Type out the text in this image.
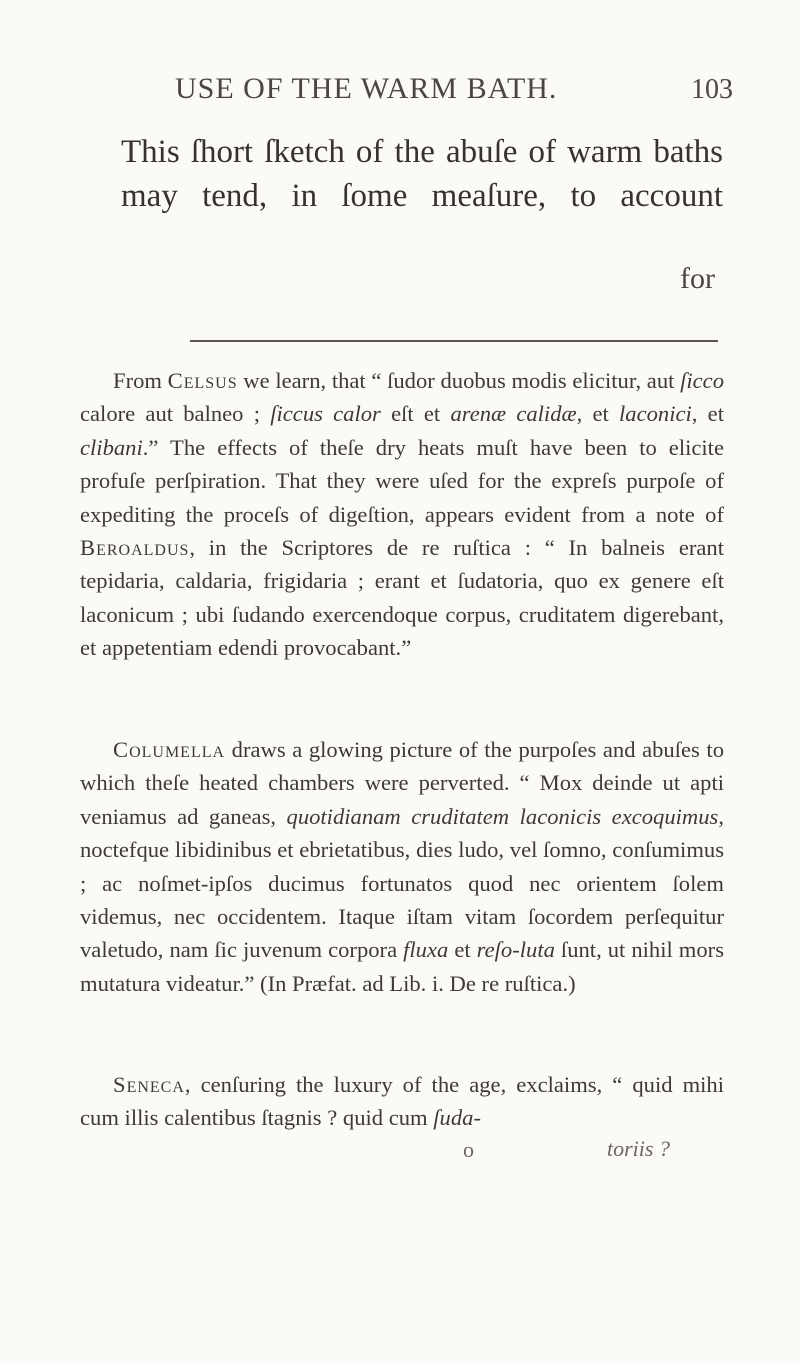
USE OF THE WARM BATH.	103

This ſhort ſketch of the abuſe of warm baths may tend, in ſome meaſure, to account

for

From Celsus we learn, that “ ſudor duobus modis elicitur, aut ſicco calore aut balneo ; ſiccus calor eſt et arenæ calidæ, et laconici, et clibani.” The effects of theſe dry heats muſt have been to elicite profuſe perſpiration. That they were uſed for the expreſs purpoſe of expediting the proceſs of digeſtion, appears evident from a note of Beroaldus, in the Scriptores de re ruſtica : “ In balneis erant tepidaria, caldaria, frigidaria ; erant et ſudatoria, quo ex genere eſt laconicum ; ubi ſudando exercendoque corpus, cruditatem digerebant, et appetentiam edendi provocabant.”

Columella draws a glowing picture of the purpoſes and abuſes to which theſe heated chambers were perverted. “ Mox deinde ut apti veniamus ad ganeas, quotidianam cruditatem laconicis excoquimus, noctefque libidinibus et ebrietatibus, dies ludo, vel ſomno, conſumimus ; ac noſmet-ipſos ducimus fortunatos quod nec orientem ſolem videmus, nec occidentem. Itaque iſtam vitam ſocordem perſequitur valetudo, nam ſic juvenum corpora fluxa et reſo-luta ſunt, ut nihil mors mutatura videatur.” (In Præfat. ad Lib. i. De re ruſtica.)

Seneca, cenſuring the luxury of the age, exclaims, “ quid mihi cum illis calentibus ſtagnis ? quid cum ſuda-

o	toriis ?
